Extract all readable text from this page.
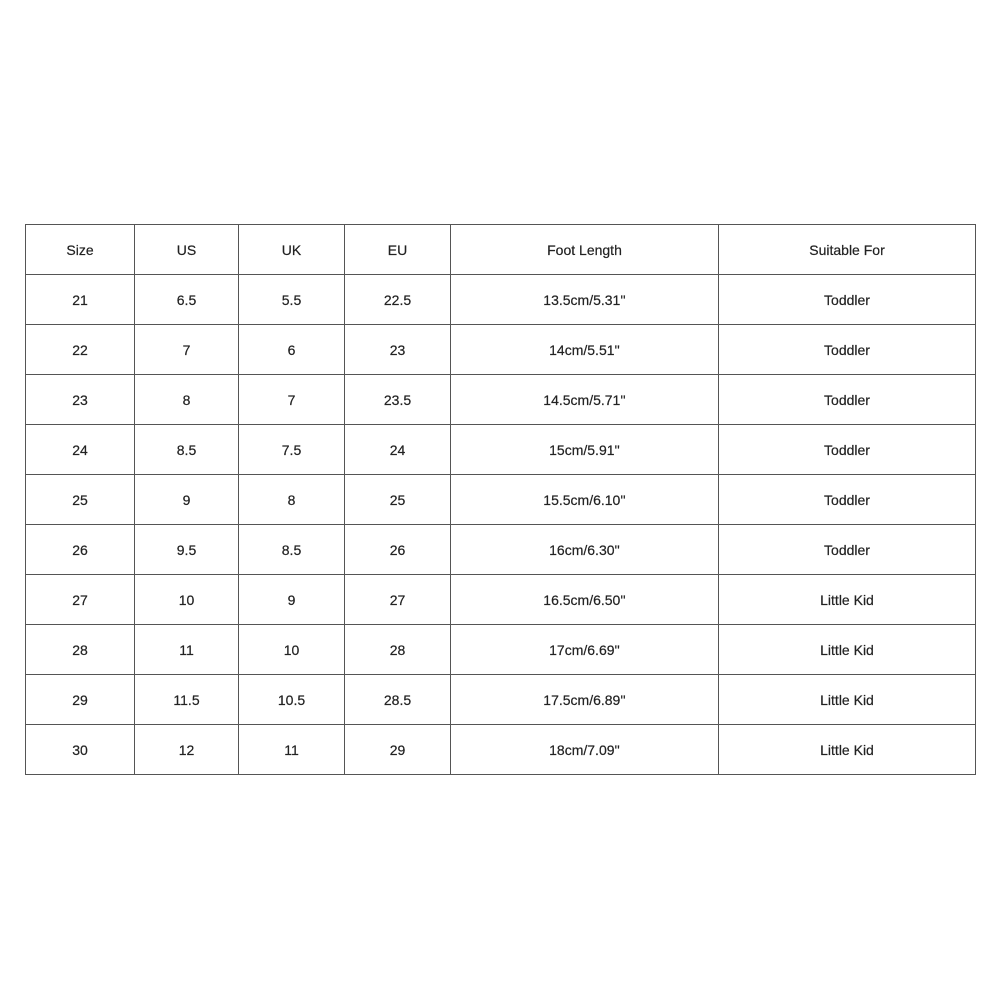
Size	US	UK	EU	Foot Length	Suitable For
21	6.5	5.5	22.5	13.5cm/5.31''	Toddler
22	7	6	23	14cm/5.51''	Toddler
23	8	7	23.5	14.5cm/5.71''	Toddler
24	8.5	7.5	24	15cm/5.91''	Toddler
25	9	8	25	15.5cm/6.10''	Toddler
26	9.5	8.5	26	16cm/6.30''	Toddler
27	10	9	27	16.5cm/6.50''	Little Kid
28	11	10	28	17cm/6.69''	Little Kid
29	11.5	10.5	28.5	17.5cm/6.89''	Little Kid
30	12	11	29	18cm/7.09''	Little Kid
